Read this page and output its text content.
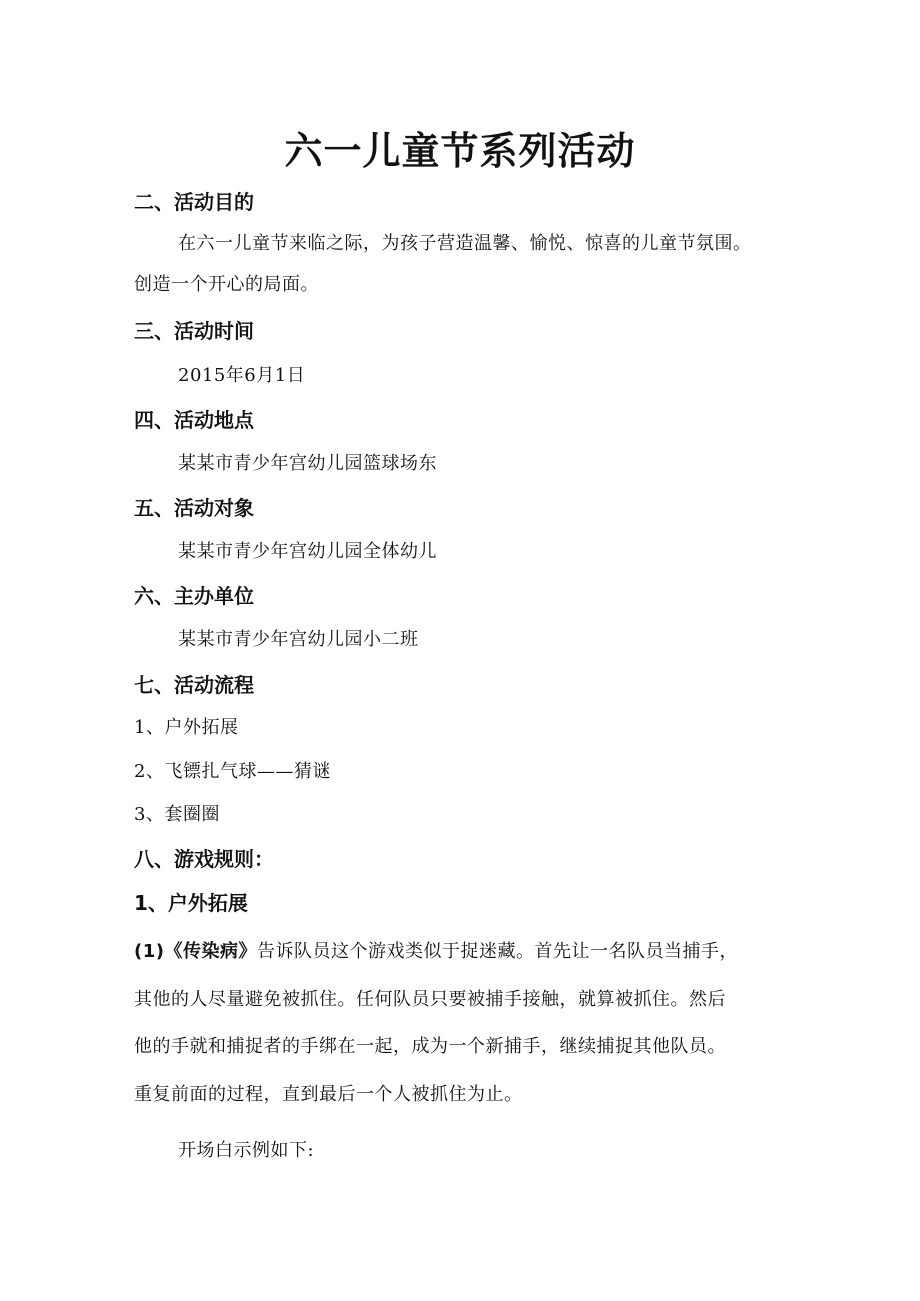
六一儿童节系列活动
二、活动目的
在六一儿童节来临之际，为孩子营造温馨、愉悦、惊喜的儿童节氛围。
创造一个开心的局面。
三、活动时间
2015年6月1日
四、活动地点
某某市青少年宫幼儿园篮球场东
五、活动对象
某某市青少年宫幼儿园全体幼儿
六、主办单位
某某市青少年宫幼儿园小二班
七、活动流程
1、户外拓展
2、飞镖扎气球——猜谜
3、套圈圈
八、游戏规则：
1、户外拓展
(1)《传染病》告诉队员这个游戏类似于捉迷藏。首先让一名队员当捕手，
其他的人尽量避免被抓住。任何队员只要被捕手接触，就算被抓住。然后
他的手就和捕捉者的手绑在一起，成为一个新捕手，继续捕捉其他队员。
重复前面的过程，直到最后一个人被抓住为止。
开场白示例如下:
